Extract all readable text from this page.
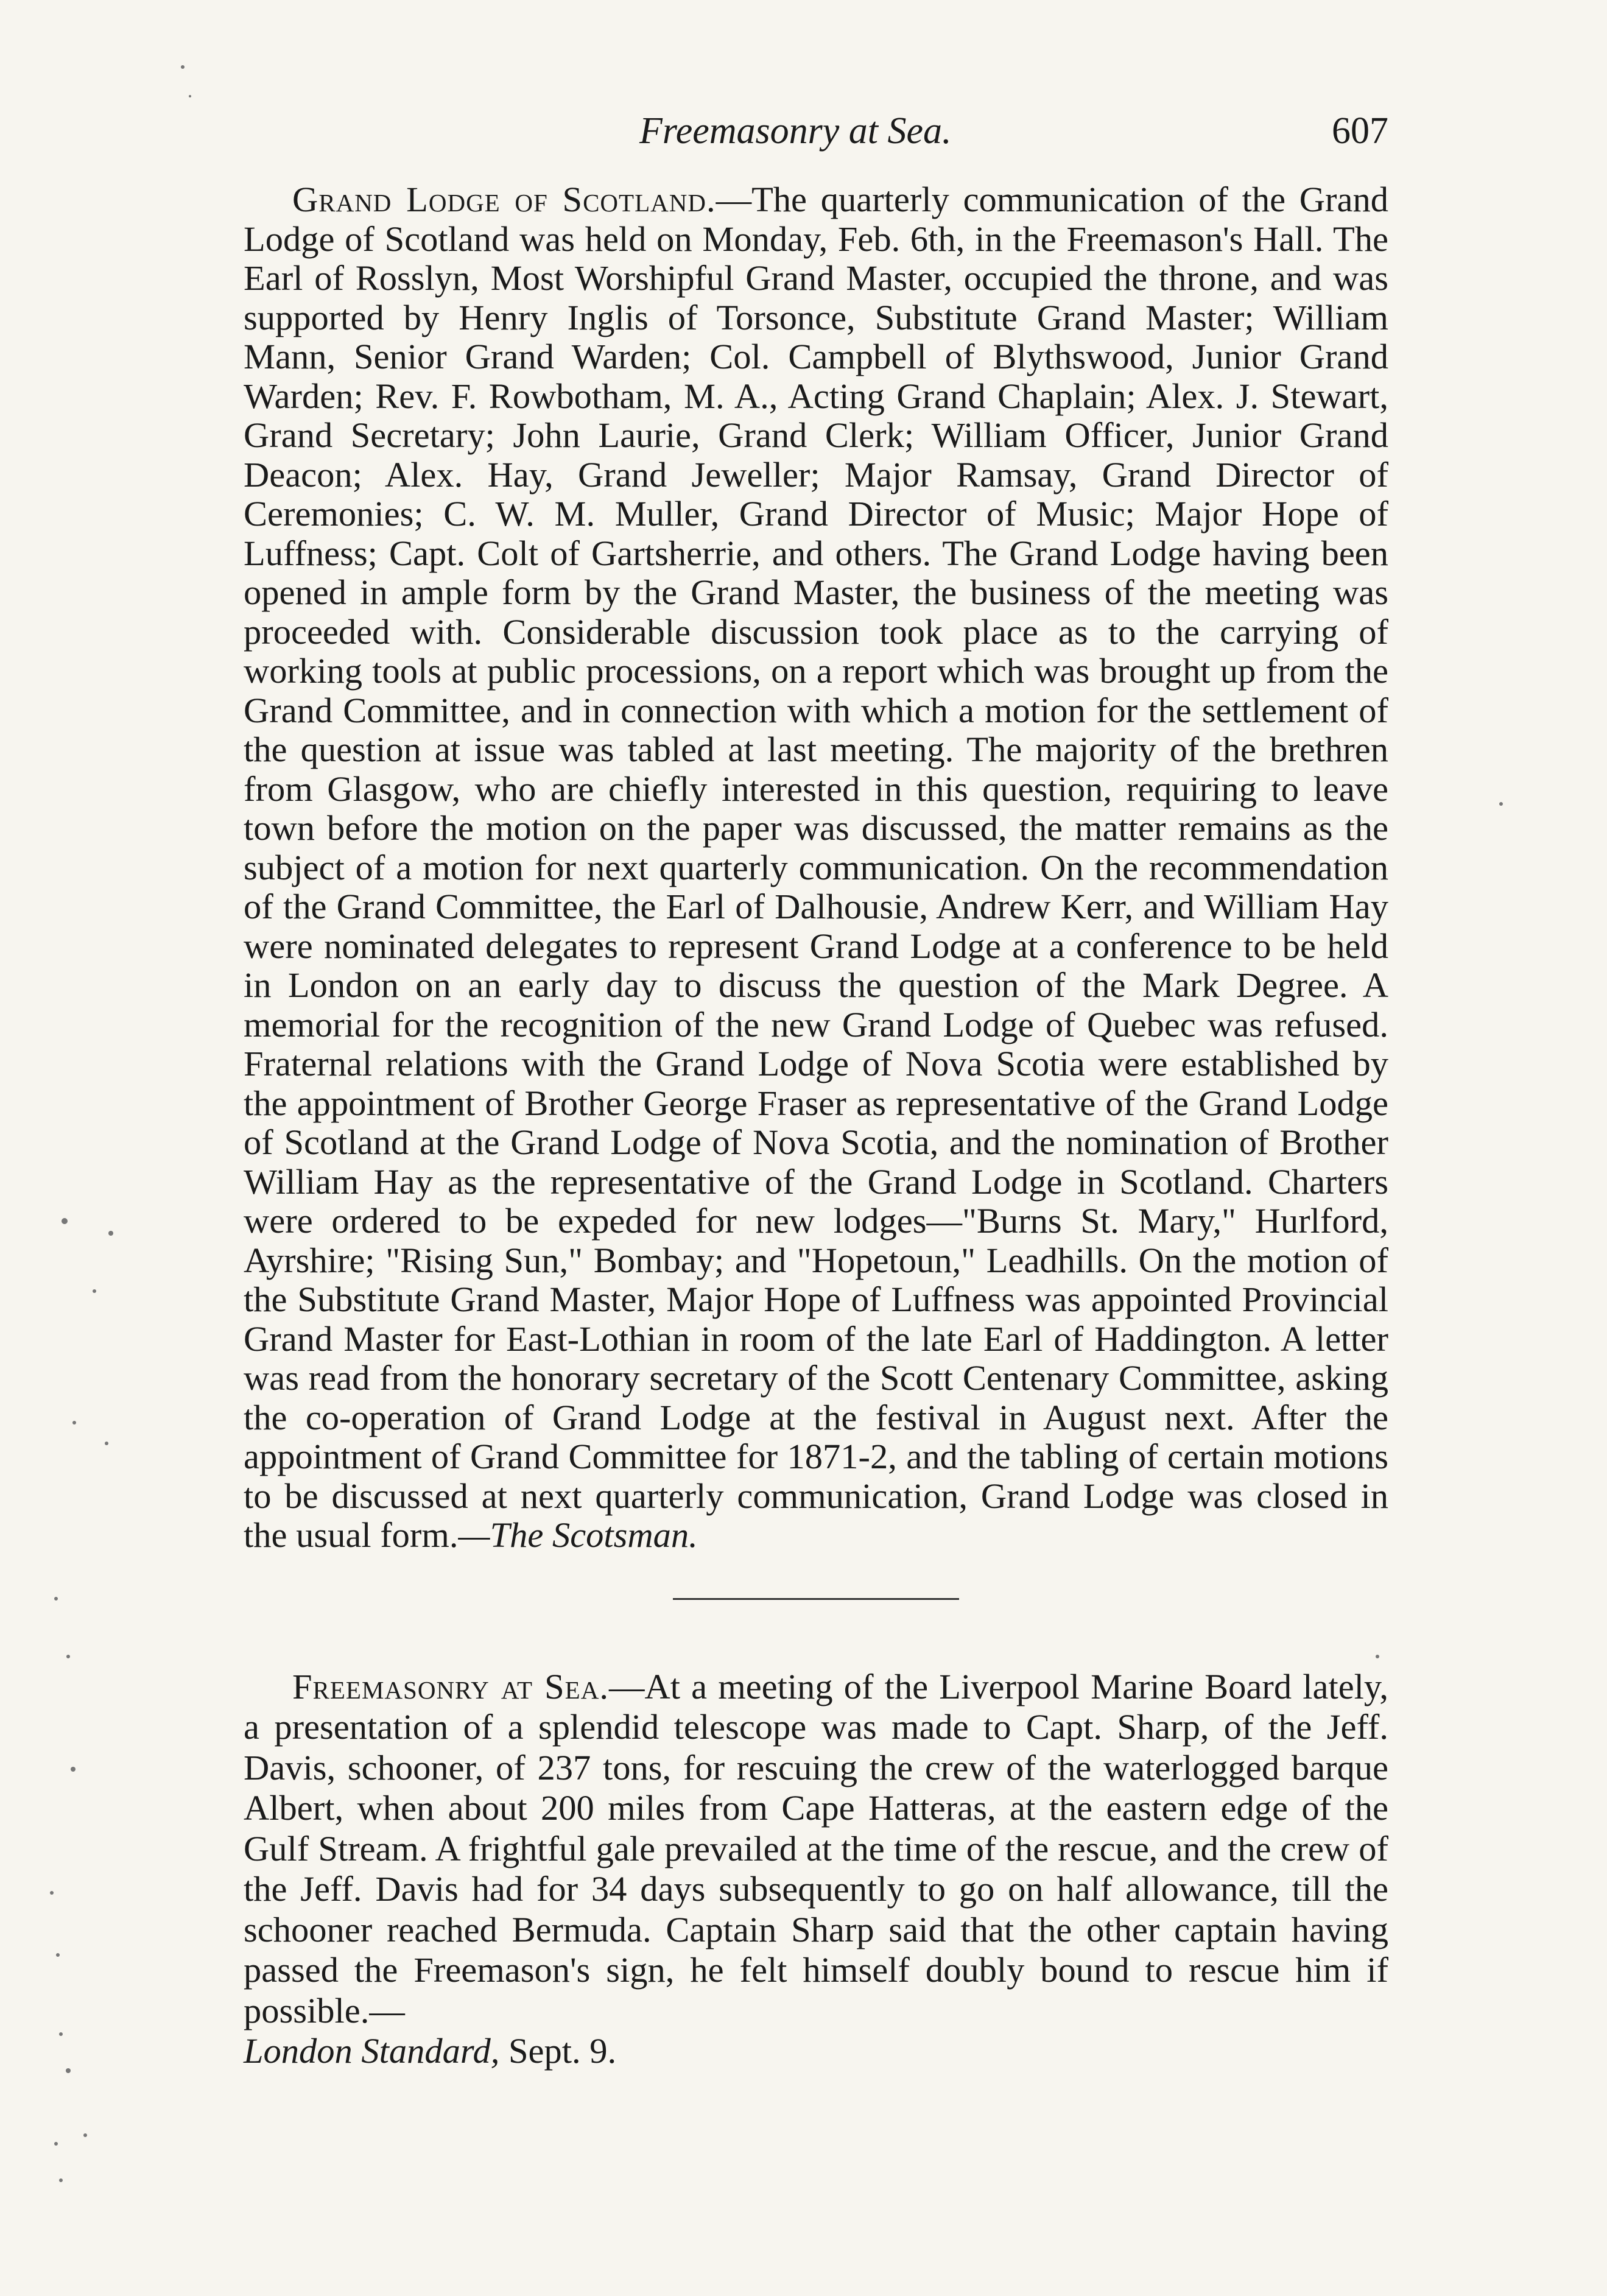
Freemasonry at Sea.	607

Grand Lodge of Scotland.—The quarterly communication of the Grand Lodge of Scotland was held on Monday, Feb. 6th, in the Freemason's Hall. The Earl of Rosslyn, Most Worshipful Grand Master, occupied the throne, and was supported by Henry Inglis of Torsonce, Substitute Grand Master; William Mann, Senior Grand Warden; Col. Campbell of Blythswood, Junior Grand Warden; Rev. F. Rowbotham, M. A., Acting Grand Chaplain; Alex. J. Stewart, Grand Secretary; John Laurie, Grand Clerk; William Officer, Junior Grand Deacon; Alex. Hay, Grand Jeweller; Major Ramsay, Grand Director of Ceremonies; C. W. M. Muller, Grand Director of Music; Major Hope of Luffness; Capt. Colt of Gartsherrie, and others. The Grand Lodge having been opened in ample form by the Grand Master, the business of the meeting was proceeded with. Considerable discussion took place as to the carrying of working tools at public processions, on a report which was brought up from the Grand Committee, and in connection with which a motion for the settlement of the question at issue was tabled at last meeting. The majority of the brethren from Glasgow, who are chiefly interested in this question, requiring to leave town before the motion on the paper was discussed, the matter remains as the subject of a motion for next quarterly communication. On the recommendation of the Grand Committee, the Earl of Dalhousie, Andrew Kerr, and William Hay were nominated delegates to represent Grand Lodge at a conference to be held in London on an early day to discuss the question of the Mark Degree. A memorial for the recognition of the new Grand Lodge of Quebec was refused. Fraternal relations with the Grand Lodge of Nova Scotia were established by the appointment of Brother George Fraser as representative of the Grand Lodge of Scotland at the Grand Lodge of Nova Scotia, and the nomination of Brother William Hay as the representative of the Grand Lodge in Scotland. Charters were ordered to be expeded for new lodges—"Burns St. Mary," Hurlford, Ayrshire; "Rising Sun," Bombay; and "Hopetoun," Leadhills. On the motion of the Substitute Grand Master, Major Hope of Luffness was appointed Provincial Grand Master for East-Lothian in room of the late Earl of Haddington. A letter was read from the honorary secretary of the Scott Centenary Committee, asking the co-operation of Grand Lodge at the festival in August next. After the appointment of Grand Committee for 1871-2, and the tabling of certain motions to be discussed at next quarterly communication, Grand Lodge was closed in the usual form.—The Scotsman.

Freemasonry at Sea.—At a meeting of the Liverpool Marine Board lately, a presentation of a splendid telescope was made to Capt. Sharp, of the Jeff. Davis, schooner, of 237 tons, for rescuing the crew of the waterlogged barque Albert, when about 200 miles from Cape Hatteras, at the eastern edge of the Gulf Stream. A frightful gale prevailed at the time of the rescue, and the crew of the Jeff. Davis had for 34 days subsequently to go on half allowance, till the schooner reached Bermuda. Captain Sharp said that the other captain having passed the Freemason's sign, he felt himself doubly bound to rescue him if possible.—
London Standard, Sept. 9.
